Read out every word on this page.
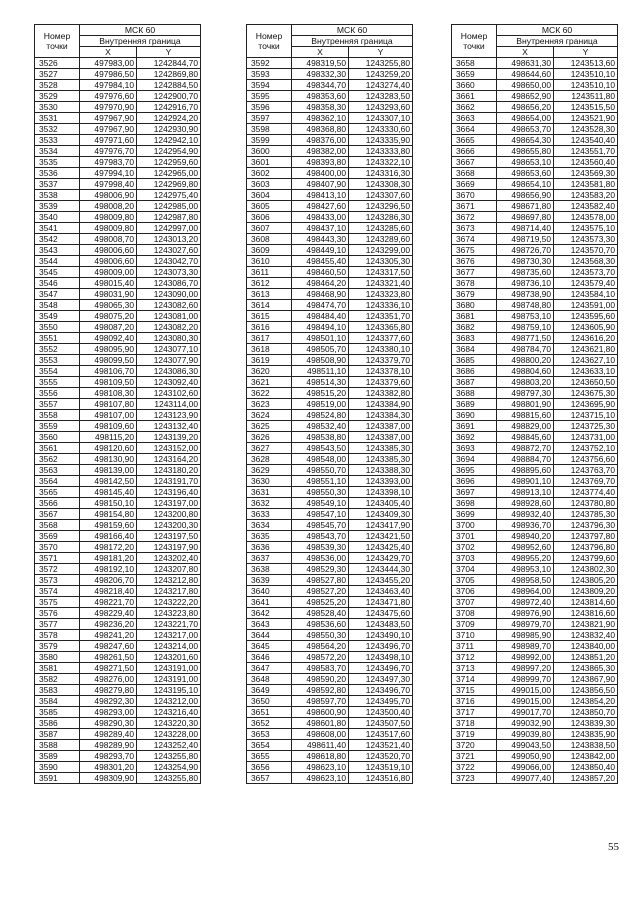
Номер точки	МСК 60	
	Внутренняя граница	
	X	Y
3526	497983,00	1242844,70
3527	497986,50	1242869,80
3528	497984,10	1242884,50
3529	497976,60	1242900,70
3530	497970,90	1242916,70
3531	497967,90	1242924,20
3532	497967,90	1242930,90
3533	497971,60	1242942,10
3534	497976,70	1242954,90
3535	497983,70	1242959,60
3536	497994,10	1242965,00
3537	497998,40	1242969,80
3538	498006,90	1242975,40
3539	498008,20	1242985,00
3540	498009,80	1242987,80
3541	498009,80	1242997,00
3542	498008,70	1243013,20
3543	498006,60	1243027,60
3544	498006,60	1243042,70
3545	498009,00	1243073,30
3546	498015,40	1243086,70
3547	498031,90	1243090,00
3548	498065,30	1243082,60
3549	498075,20	1243081,00
3550	498087,20	1243082,20
3551	498092,40	1243080,30
3552	498095,90	1243077,10
3553	498099,50	1243077,90
3554	498106,70	1243086,30
3555	498109,50	1243092,40
3556	498108,30	1243102,60
3557	498107,80	1243114,00
3558	498107,00	1243123,90
3559	498109,60	1243132,40
3560	498115,20	1243139,20
3561	498120,60	1243152,00
3562	498130,90	1243164,20
3563	498139,00	1243180,20
3564	498142,50	1243191,70
3565	498145,40	1243196,40
3566	498150,10	1243197,00
3567	498154,80	1243200,80
3568	498159,60	1243200,30
3569	498166,40	1243197,50
3570	498172,20	1243197,90
3571	498181,20	1243202,40
3572	498192,10	1243207,80
3573	498206,70	1243212,80
3574	498218,40	1243217,80
3575	498221,70	1243222,20
3576	498229,40	1243223,80
3577	498236,20	1243221,70
3578	498241,20	1243217,00
3579	498247,60	1243214,00
3580	498261,50	1243201,60
3581	498271,50	1243191,00
3582	498276,00	1243191,00
3583	498279,80	1243195,10
3584	498292,30	1243212,00
3585	498293,00	1243216,40
3586	498290,30	1243220,30
3587	498289,40	1243228,00
3588	498289,90	1243252,40
3589	498293,70	1243255,80
3590	498301,20	1243254,90
3591	498309,90	1243255,80
Номер точки	МСК 60	
	Внутренняя граница	
	X	Y
3592	498319,50	1243255,80
3593	498332,30	1243259,20
3594	498344,70	1243274,40
3595	498353,60	1243283,50
3596	498358,30	1243293,60
3597	498362,10	1243307,10
3598	498368,80	1243330,60
3599	498376,00	1243335,90
3600	498382,00	1243333,80
3601	498393,80	1243322,10
3602	498400,00	1243316,30
3603	498407,90	1243308,30
3604	498413,10	1243307,60
3605	498427,60	1243296,50
3606	498433,00	1243286,30
3607	498437,10	1243285,60
3608	498443,30	1243289,60
3609	498449,10	1243299,00
3610	498455,40	1243305,30
3611	498460,50	1243317,50
3612	498464,20	1243321,40
3613	498468,90	1243323,80
3614	498474,70	1243336,10
3615	498484,40	1243351,70
3616	498494,10	1243365,80
3617	498501,10	1243377,60
3618	498505,70	1243380,10
3619	498508,90	1243379,70
3620	498511,10	1243378,10
3621	498514,30	1243379,60
3622	498515,20	1243382,80
3623	498519,00	1243384,90
3624	498524,80	1243384,30
3625	498532,40	1243387,00
3626	498538,80	1243387,00
3627	498543,50	1243385,30
3628	498548,00	1243385,30
3629	498550,70	1243388,30
3630	498551,10	1243393,00
3631	498550,30	1243398,10
3632	498549,10	1243405,40
3633	498547,10	1243409,30
3634	498545,70	1243417,90
3635	498543,70	1243421,50
3636	498539,30	1243425,40
3637	498536,00	1243429,70
3638	498529,30	1243444,30
3639	498527,80	1243455,20
3640	498527,20	1243463,40
3641	498525,20	1243471,80
3642	498528,40	1243475,60
3643	498536,60	1243483,50
3644	498550,30	1243490,10
3645	498564,20	1243496,70
3646	498572,20	1243498,10
3647	498583,70	1243496,70
3648	498590,20	1243497,30
3649	498592,80	1243496,70
3650	498597,70	1243495,70
3651	498600,90	1243500,40
3652	498601,80	1243507,50
3653	498608,00	1243517,60
3654	498611,40	1243521,40
3655	498618,80	1243520,70
3656	498623,10	1243519,10
3657	498623,10	1243516,80
Номер точки	МСК 60	
	Внутренняя граница	
	X	Y
3658	498631,30	1243513,60
3659	498644,60	1243510,10
3660	498650,00	1243510,10
3661	498652,90	1243511,80
3662	498656,20	1243515,50
3663	498654,00	1243521,90
3664	498653,70	1243528,30
3665	498654,30	1243540,40
3666	498655,80	1243551,70
3667	498653,10	1243560,40
3668	498653,60	1243569,30
3669	498654,10	1243581,80
3670	498656,90	1243583,20
3671	498671,80	1243582,40
3672	498697,80	1243578,00
3673	498714,40	1243575,10
3674	498719,50	1243573,30
3675	498726,70	1243570,70
3676	498730,30	1243568,30
3677	498735,60	1243573,70
3678	498736,10	1243579,40
3679	498738,90	1243584,10
3680	498748,80	1243591,00
3681	498753,10	1243595,60
3682	498759,10	1243605,90
3683	498771,50	1243616,20
3684	498784,70	1243621,80
3685	498800,20	1243627,10
3686	498804,60	1243633,10
3687	498803,20	1243650,50
3688	498797,30	1243675,30
3689	498801,90	1243695,90
3690	498815,60	1243715,10
3691	498829,00	1243725,30
3692	498845,60	1243731,00
3693	498872,70	1243752,10
3694	498884,70	1243756,60
3695	498895,60	1243763,70
3696	498901,10	1243769,70
3697	498913,10	1243774,40
3698	498928,60	1243780,80
3699	498932,40	1243785,30
3700	498936,70	1243796,30
3701	498940,20	1243797,80
3702	498952,60	1243796,80
3703	498955,20	1243799,60
3704	498953,10	1243802,30
3705	498958,50	1243805,20
3706	498964,00	1243809,20
3707	498972,40	1243814,60
3708	498976,90	1243816,60
3709	498979,70	1243821,90
3710	498985,90	1243832,40
3711	498989,70	1243840,00
3712	498992,00	1243851,20
3713	498997,20	1243865,30
3714	498999,70	1243867,90
3715	499015,00	1243856,50
3716	499015,00	1243854,20
3717	499017,70	1243850,70
3718	499032,90	1243839,30
3719	499039,80	1243835,90
3720	499043,50	1243838,50
3721	499050,90	1243842,00
3722	499066,00	1243850,40
3723	499077,40	1243857,20
55
